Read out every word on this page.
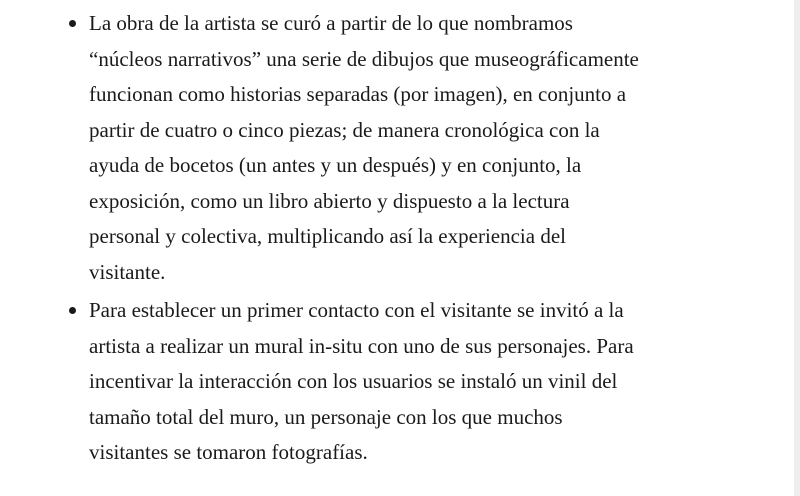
La obra de la artista se curó a partir de lo que nombramos
“núcleos narrativos” una serie de dibujos que museográficamente
funcionan como historias separadas (por imagen), en conjunto a
partir de cuatro o cinco piezas; de manera cronológica con la
ayuda de bocetos (un antes y un después) y en conjunto, la
exposición, como un libro abierto y dispuesto a la lectura
personal y colectiva, multiplicando así la experiencia del
visitante.
Para establecer un primer contacto con el visitante se invitó a la
artista a realizar un mural in-situ con uno de sus personajes. Para
incentivar la interacción con los usuarios se instaló un vinil del
tamaño total del muro, un personaje con los que muchos
visitantes se tomaron fotografías.
